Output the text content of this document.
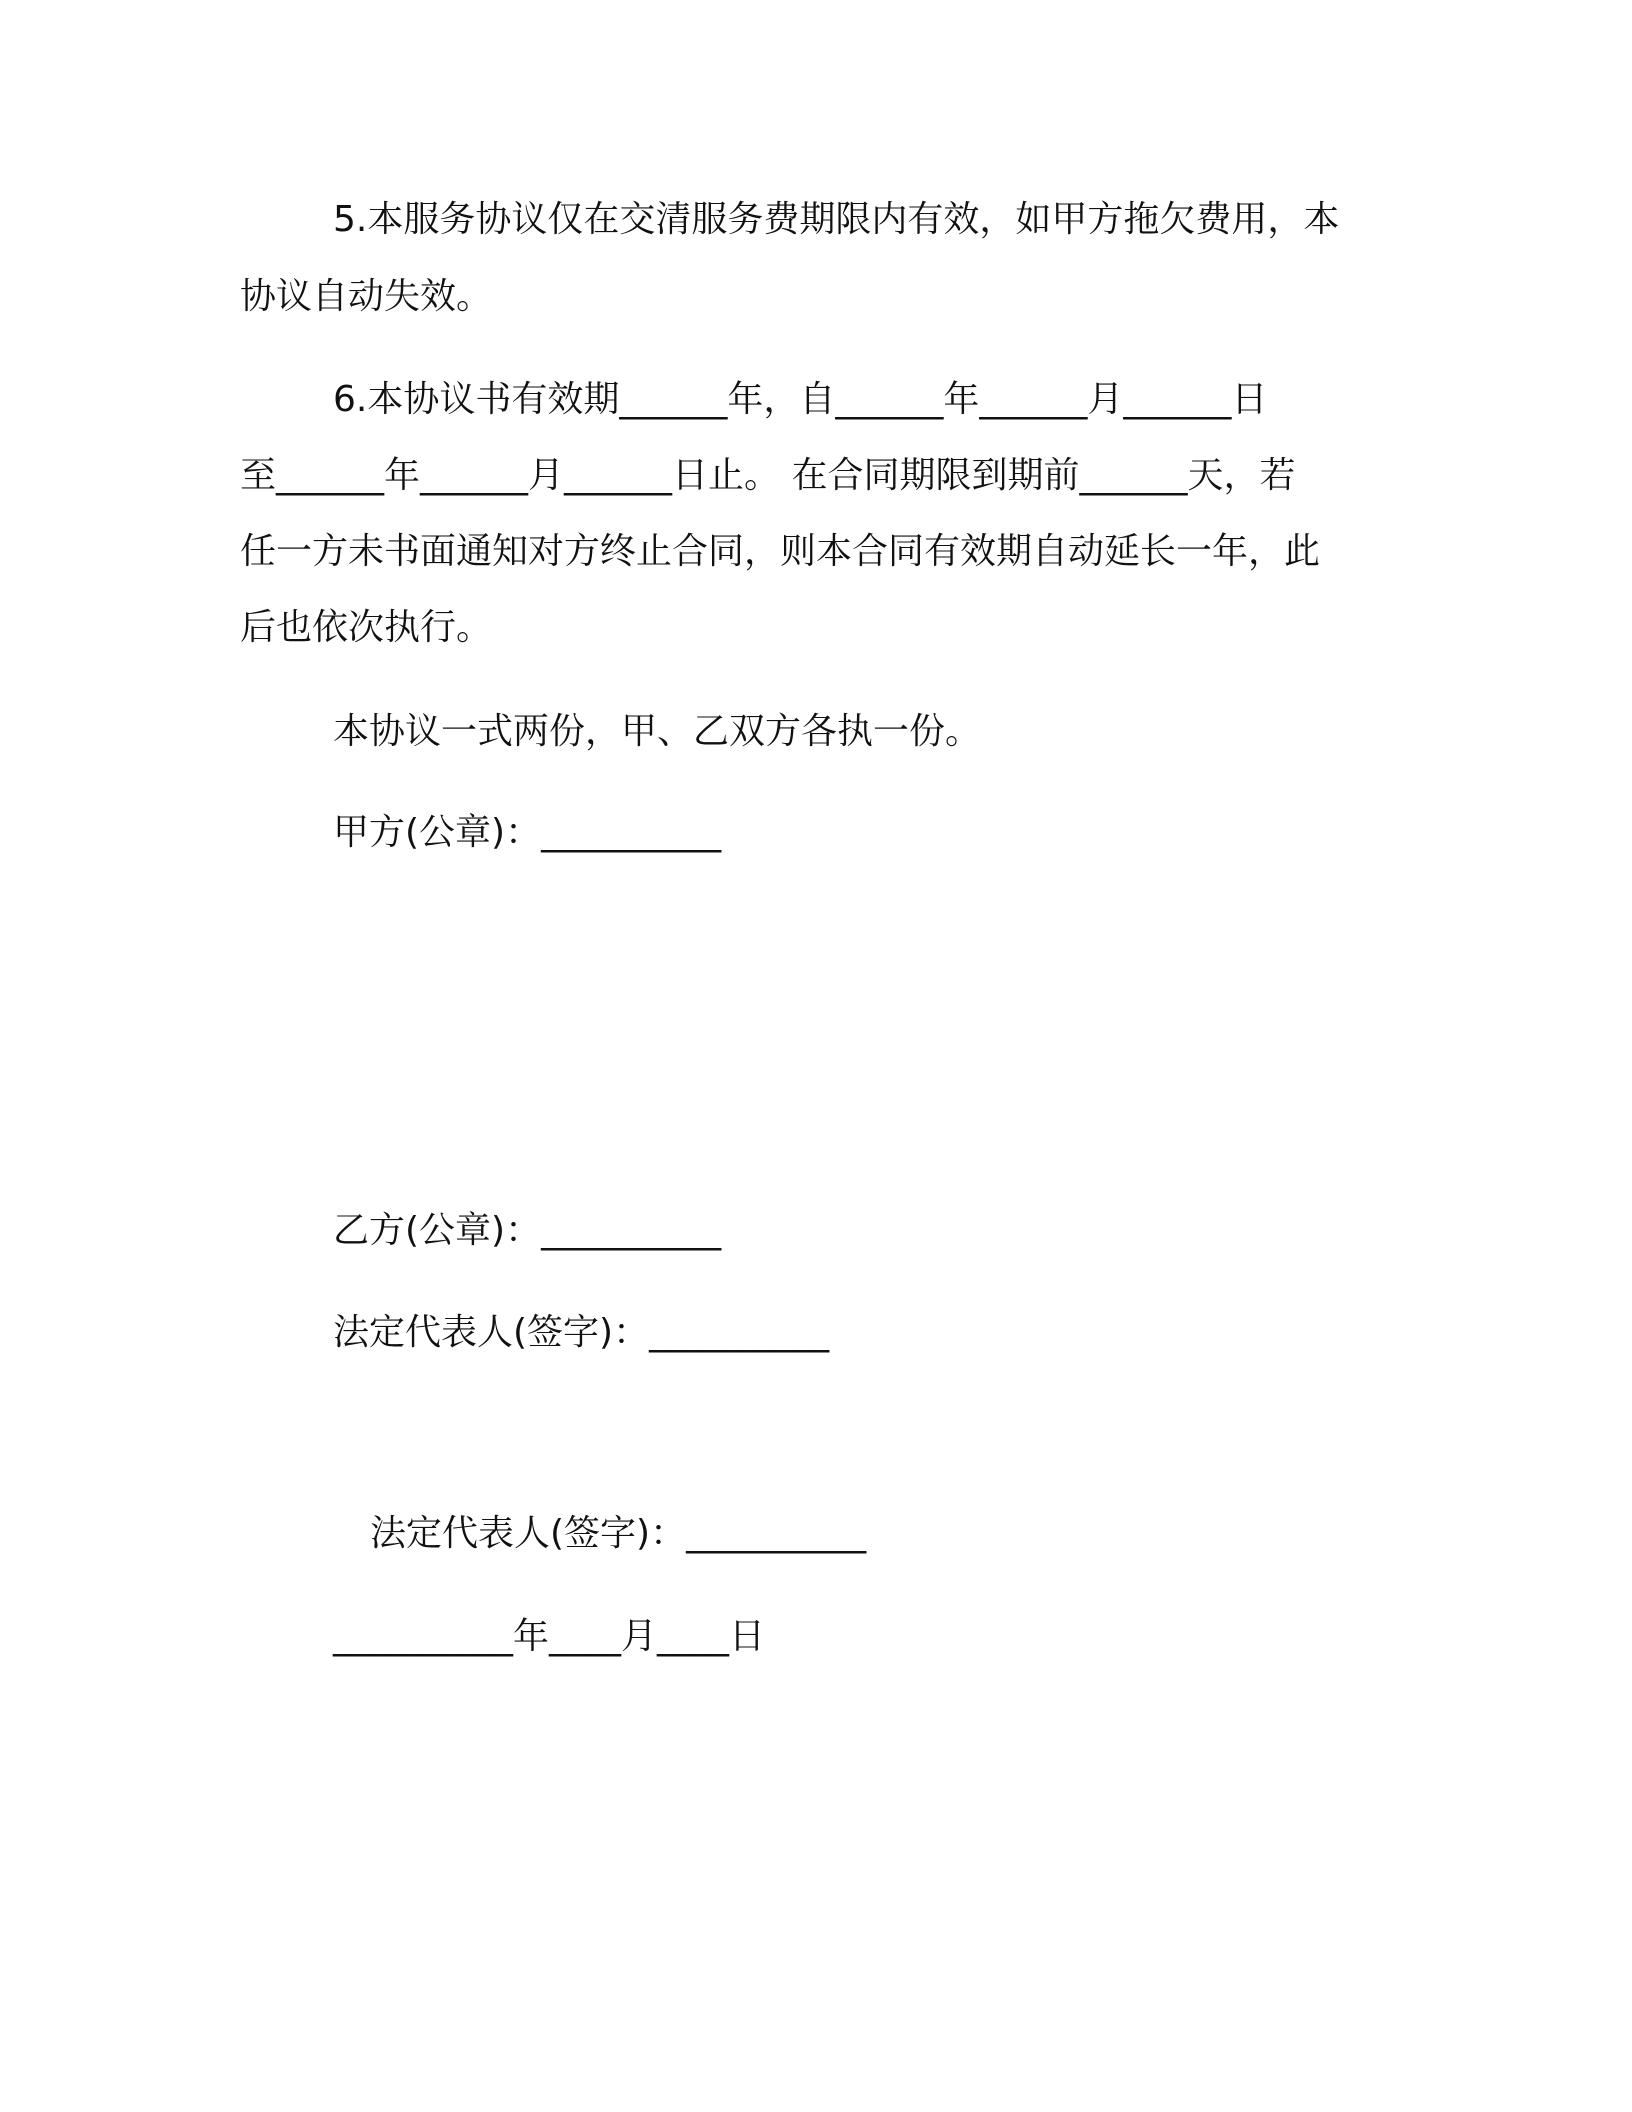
5.本服务协议仅在交清服务费期限内有效，如甲方拖欠费用，本
协议自动失效。
6.本协议书有效期______年，自______年______月______日
至______年______月______日止。 在合同期限到期前______天，若
任一方未书面通知对方终止合同，则本合同有效期自动延长一年，此
后也依次执行。
本协议一式两份，甲、乙双方各执一份。
甲方(公章)：__________
乙方(公章)：__________
法定代表人(签字)：__________
法定代表人(签字)：__________
__________年____月____日
